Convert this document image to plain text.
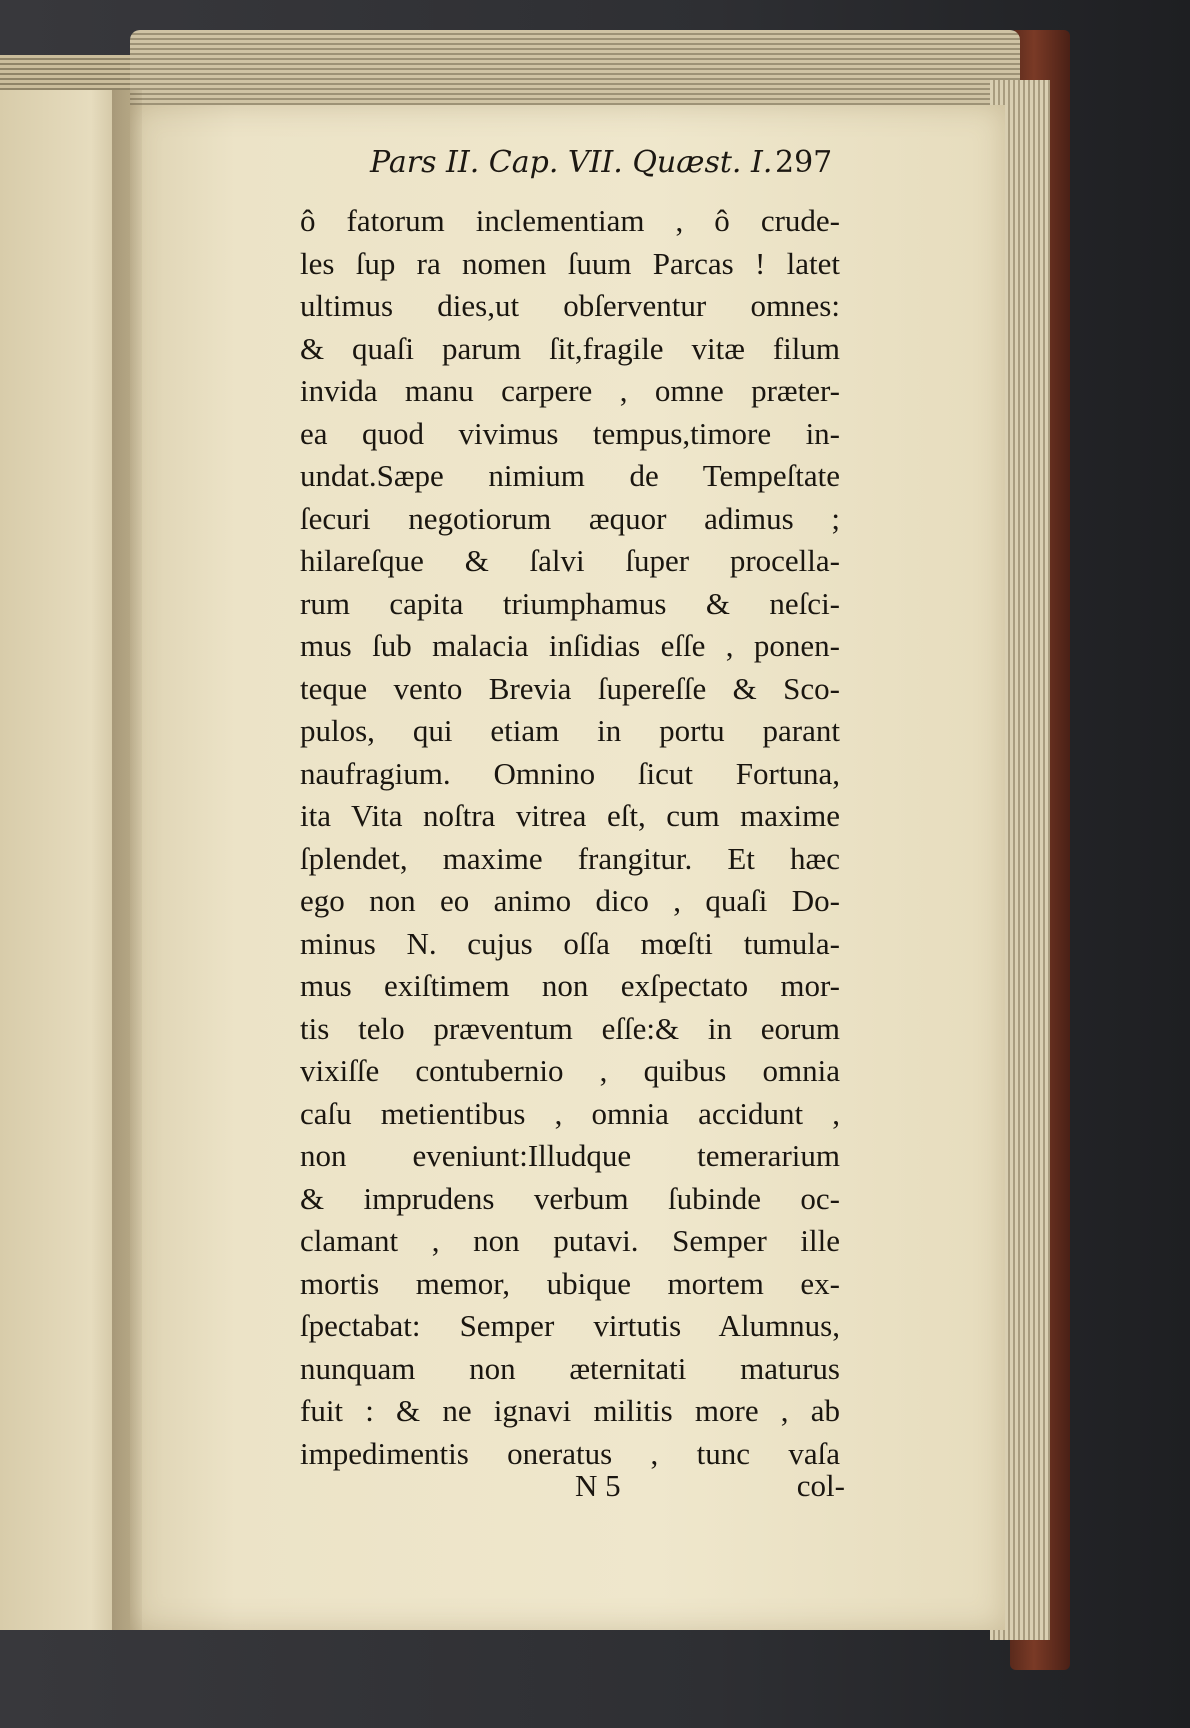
Pars II. Cap. VII. Quæst. I. 297
ô fatorum inclementiam , ô crude-
les ſup ra nomen ſuum Parcas ! latet
ultimus dies,ut obſerventur omnes:
& quaſi parum ſit,fragile vitæ filum
invida manu carpere , omne præter-
ea quod vivimus tempus,timore in-
undat.Sæpe nimium de Tempeſtate
ſecuri negotiorum æquor adimus ;
hilareſque & ſalvi ſuper procella-
rum capita triumphamus & neſci-
mus ſub malacia inſidias eſſe , ponen-
teque vento Brevia ſupereſſe & Sco-
pulos, qui etiam in portu parant
naufragium. Omnino ſicut Fortuna,
ita Vita noſtra vitrea eſt, cum maxime
ſplendet, maxime frangitur. Et hæc
ego non eo animo dico , quaſi Do-
minus N. cujus oſſa mœſti tumula-
mus exiſtimem non exſpectato mor-
tis telo præventum eſſe:& in eorum
vixiſſe contubernio , quibus omnia
caſu metientibus , omnia accidunt ,
non eveniunt:Illudque temerarium
& imprudens verbum ſubinde oc-
clamant , non putavi. Semper ille
mortis memor, ubique mortem ex-
ſpectabat: Semper virtutis Alumnus,
nunquam non æternitati maturus
fuit : & ne ignavi militis more , ab
impedimentis oneratus , tunc vaſa
N 5	col-
